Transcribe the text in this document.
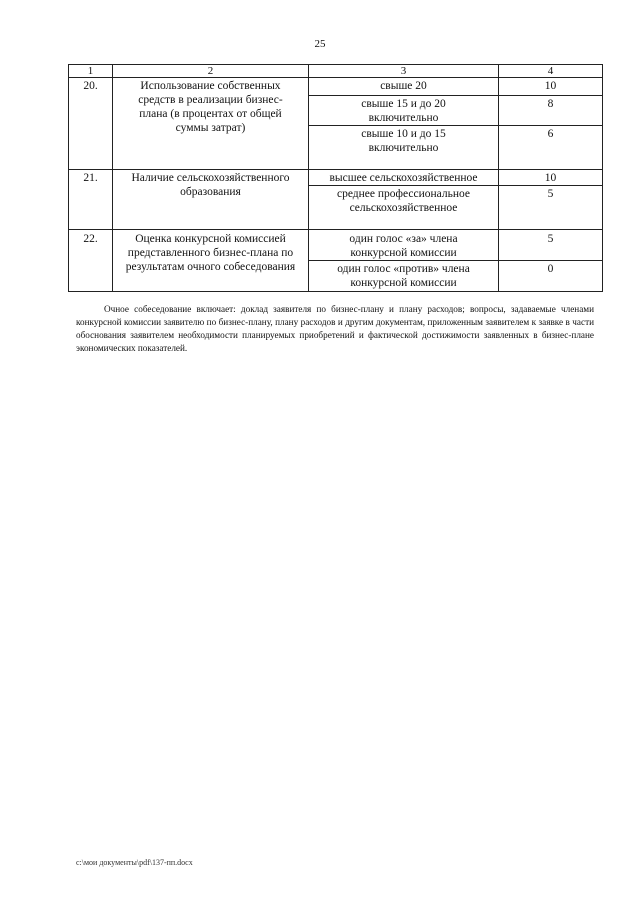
25
1	2	3	4
20.	Использование собственных средств в реализации бизнес-плана (в процентах от общей суммы затрат)	свыше 20	10
		свыше 15 и до 20 включительно	8
		свыше 10 и до 15 включительно	6
21.	Наличие сельскохозяйственного образования	высшее сельскохозяйственное	10
		среднее профессиональное сельскохозяйственное	5
22.	Оценка конкурсной комиссией представленного бизнес-плана по результатам очного собеседования	один голос «за» члена конкурсной комиссии	5
		один голос «против» члена конкурсной комиссии	0

Очное собеседование включает: доклад заявителя по бизнес-плану и плану расходов; вопросы, задаваемые членами конкурсной комиссии заявителю по бизнес-плану, плану расходов и другим документам, приложенным заявителем к заявке в части обоснования заявителем необходимости планируемых приобретений и фактической достижимости заявленных в бизнес-плане экономических показателей.

c:\мои документы\pdf\137-пп.docx
